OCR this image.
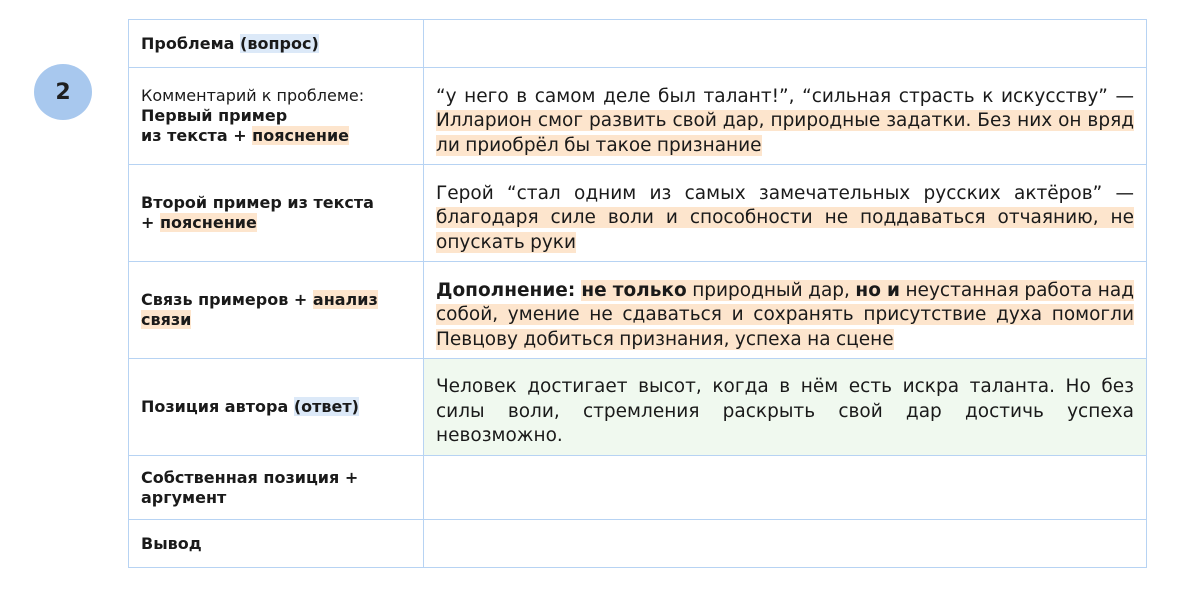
2
Проблема (вопрос)	

Комментарий к проблеме:
Первый пример
из текста + пояснение	“у него в самом деле был талант!”, “сильная страсть к искусству” — Илларион смог развить свой дар, природные задатки. Без них он вряд ли приобрёл бы такое признание

Второй пример из текста
+ пояснение	Герой “стал одним из самых замечательных русских актёров” — благодаря силе воли и способности не поддаваться отчаянию, не опускать руки
Связь примеров + анализ связи	Дополнение: не только природный дар, но и неустанная работа над собой, умение не сдаваться и сохранять присутствие духа помогли Певцову добиться признания, успеха на сцене
Позиция автора (ответ)	Человек достигает высот, когда в нём есть искра таланта. Но без силы воли, стремления раскрыть свой дар достичь успеха невозможно.
Собственная позиция + аргумент	
Вывод	
